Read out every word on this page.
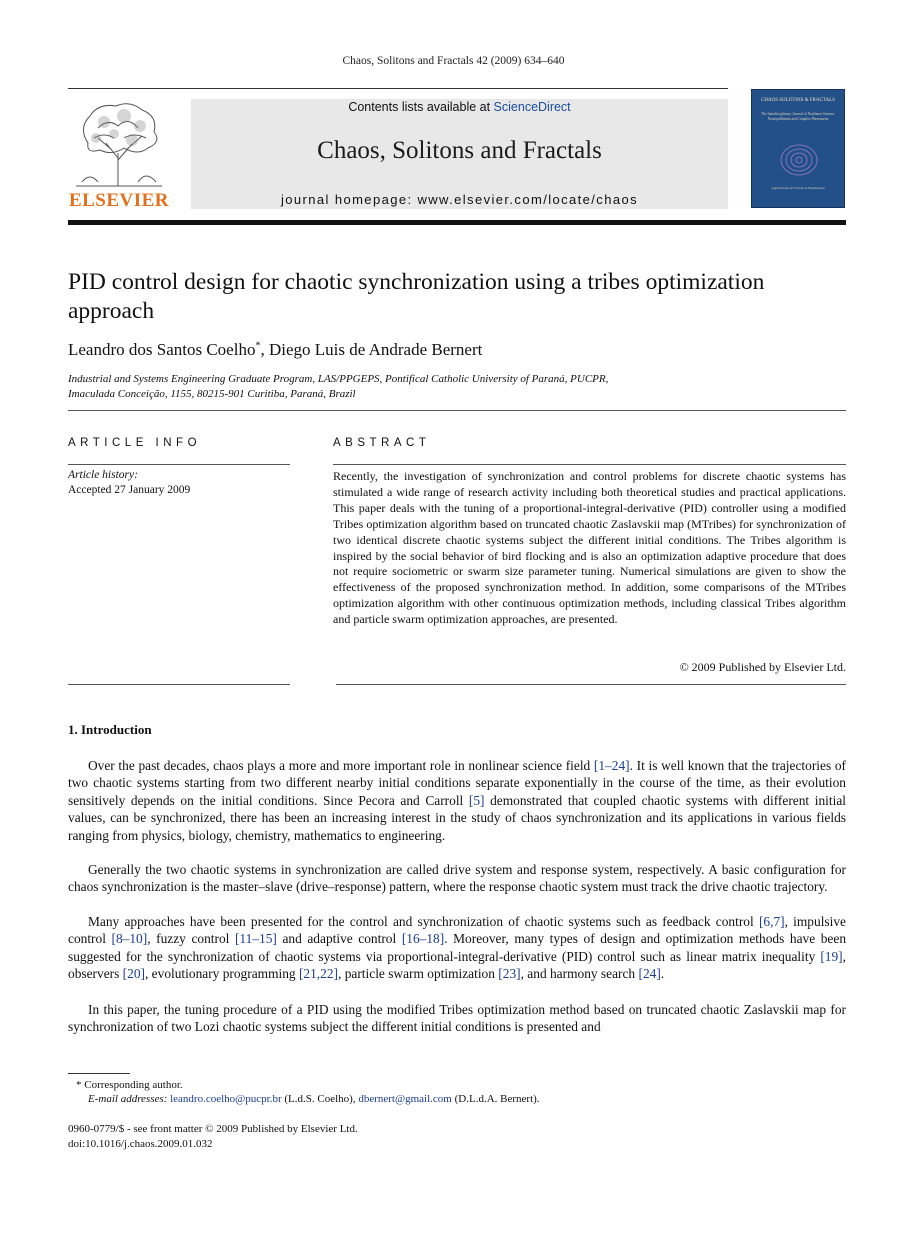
Chaos, Solitons and Fractals 42 (2009) 634–640
ELSEVIER
Contents lists available at ScienceDirect
Chaos, Solitons and Fractals
journal homepage: www.elsevier.com/locate/chaos
CHAOS SOLITONS & FRACTALS
The Interdisciplinary Journal of Nonlinear Science, Nonequilibrium and Complex Phenomena
Applications of Fractals in Engineering
PID control design for chaotic synchronization using a tribes optimization approach
Leandro dos Santos Coelho*, Diego Luis de Andrade Bernert
Industrial and Systems Engineering Graduate Program, LAS/PPGEPS, Pontifical Catholic University of Paraná, PUCPR,
Imaculada Conceição, 1155, 80215-901 Curitiba, Paraná, Brazil
ARTICLE INFO
Article history:
Accepted 27 January 2009
ABSTRACT
Recently, the investigation of synchronization and control problems for discrete chaotic systems has stimulated a wide range of research activity including both theoretical studies and practical applications. This paper deals with the tuning of a proportional-integral-derivative (PID) controller using a modified Tribes optimization algorithm based on truncated chaotic Zaslavskii map (MTribes) for synchronization of two identical discrete chaotic systems subject the different initial conditions. The Tribes algorithm is inspired by the social behavior of bird flocking and is also an optimization adaptive procedure that does not require sociometric or swarm size parameter tuning. Numerical simulations are given to show the effectiveness of the proposed synchronization method. In addition, some comparisons of the MTribes optimization algorithm with other continuous optimization methods, including classical Tribes algorithm and particle swarm optimization approaches, are presented.
© 2009 Published by Elsevier Ltd.
1. Introduction
Over the past decades, chaos plays a more and more important role in nonlinear science field [1–24]. It is well known that the trajectories of two chaotic systems starting from two different nearby initial conditions separate exponentially in the course of the time, as their evolution sensitively depends on the initial conditions. Since Pecora and Carroll [5] demonstrated that coupled chaotic systems with different initial values, can be synchronized, there has been an increasing interest in the study of chaos synchronization and its applications in various fields ranging from physics, biology, chemistry, mathematics to engineering.
Generally the two chaotic systems in synchronization are called drive system and response system, respectively. A basic configuration for chaos synchronization is the master–slave (drive–response) pattern, where the response chaotic system must track the drive chaotic trajectory.
Many approaches have been presented for the control and synchronization of chaotic systems such as feedback control [6,7], impulsive control [8–10], fuzzy control [11–15] and adaptive control [16–18]. Moreover, many types of design and optimization methods have been suggested for the synchronization of chaotic systems via proportional-integral-derivative (PID) control such as linear matrix inequality [19], observers [20], evolutionary programming [21,22], particle swarm optimization [23], and harmony search [24].
In this paper, the tuning procedure of a PID using the modified Tribes optimization method based on truncated chaotic Zaslavskii map for synchronization of two Lozi chaotic systems subject the different initial conditions is presented and
* Corresponding author.
E-mail addresses: leandro.coelho@pucpr.br (L.d.S. Coelho), dbernert@gmail.com (D.L.d.A. Bernert).
0960-0779/$ - see front matter © 2009 Published by Elsevier Ltd.
doi:10.1016/j.chaos.2009.01.032
